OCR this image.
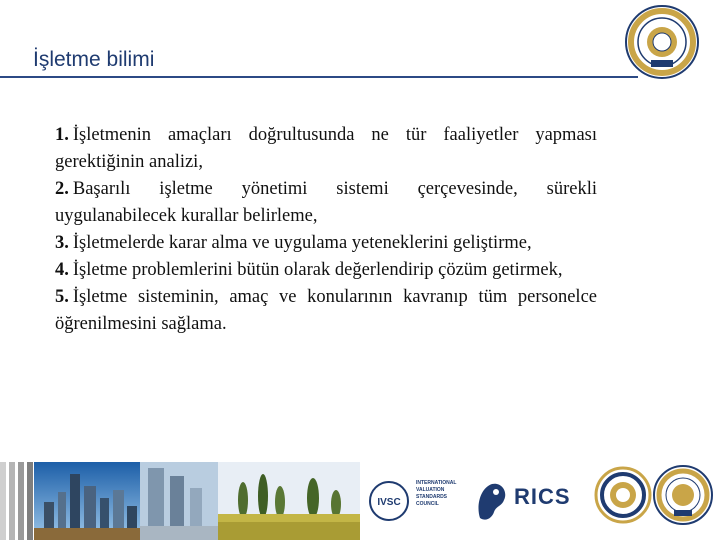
İşletme bilimi

1. İşletmenin amaçları doğrultusunda ne tür faaliyetler yapması gerektiğinin analizi,

2. Başarılı işletme yönetimi sistemi çerçevesinde, sürekli uygulanabilecek kurallar belirleme,

3. İşletmelerde karar alma ve uygulama yeteneklerini geliştirme,

4. İşletme problemlerini bütün olarak değerlendirip çözüm getirmek,

5. İşletme sisteminin, amaç ve konularının kavranıp tüm personelce öğrenilmesini sağlama.

IVSC
INTERNATIONAL
VALUATION
STANDARDS
COUNCIL	RICS
